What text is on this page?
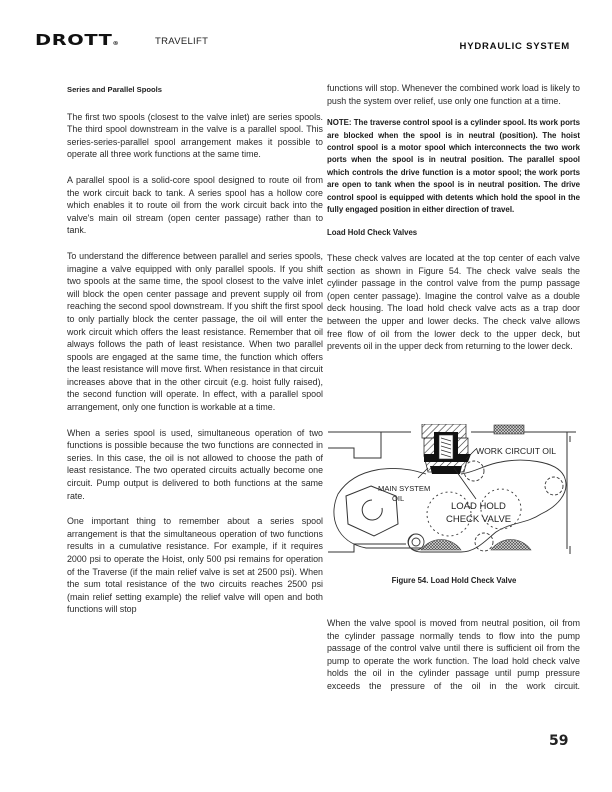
DROTT®	TRAVELIFT	HYDRAULIC SYSTEM
Series and Parallel Spools

The first two spools (closest to the valve inlet) are series spools. The third spool downstream in the valve is a parallel spool. This series-series-parallel spool arrangement makes it possible to operate all three work functions at the same time.

A parallel spool is a solid-core spool designed to route oil from the work circuit back to tank. A series spool has a hollow core which enables it to route oil from the work circuit back into the valve's main oil stream (open center passage) rather than to tank.

To understand the difference between parallel and series spools, imagine a valve equipped with only parallel spools. If you shift two spools at the same time, the spool closest to the valve inlet will block the open center passage and prevent supply oil from reaching the second spool downstream. If you shift the first spool to only partially block the center passage, the oil will enter the work circuit which offers the least resistance. Remember that oil always follows the path of least resistance. When two parallel spools are engaged at the same time, the function which offers the least resistance will move first. When resistance in that circuit increases above that in the other circuit (e.g. hoist fully raised), the second function will operate. In effect, with a parallel spool arrangement, only one function is workable at a time.

When a series spool is used, simultaneous operation of two functions is possible because the two functions are connected in series. In this case, the oil is not allowed to choose the path of least resistance. The two operated circuits actually become one circuit. Pump output is delivered to both functions at the same rate.

One important thing to remember about a series spool arrangement is that the simultaneous operation of two functions results in a cumulative resistance. For example, if it requires 2000 psi to operate the Hoist, only 500 psi remains for operation of the Traverse (if the main relief valve is set at 2500 psi). When the sum total resistance of the two circuits reaches 2500 psi (main relief setting example) the relief valve will open and both functions will stop

functions will stop. Whenever the combined work load is likely to push the system over relief, use only one function at a time.

NOTE: The traverse control spool is a cylinder spool. Its work ports are blocked when the spool is in neutral (position). The hoist control spool is a motor spool which interconnects the two work ports when the spool is in neutral position. The parallel spool which controls the drive function is a motor spool; the work ports are open to tank when the spool is in neutral position. The drive control spool is equipped with detents which hold the spool in the fully engaged position in either direction of travel.

Load Hold Check Valves

These check valves are located at the top center of each valve section as shown in Figure 54. The check valve seals the cylinder passage in the control valve from the pump passage (open center passage). Imagine the control valve as a double deck housing. The load hold check valve acts as a trap door between the upper and lower decks. The check valve allows free flow of oil from the lower deck to the upper deck, but prevents oil in the upper deck from returning to the lower deck.

WORK CIRCUIT OIL
MAIN SYSTEM
OIL
LOAD HOLD
CHECK VALVE
Figure 54. Load Hold Check Valve

When the valve spool is moved from neutral position, oil from the cylinder passage normally tends to flow into the pump passage of the control valve until there is sufficient oil from the pump to operate the work function. The load hold check valve holds the oil in the cylinder passage until pump pressure exceeds the pressure of the oil in the work circuit.

59
